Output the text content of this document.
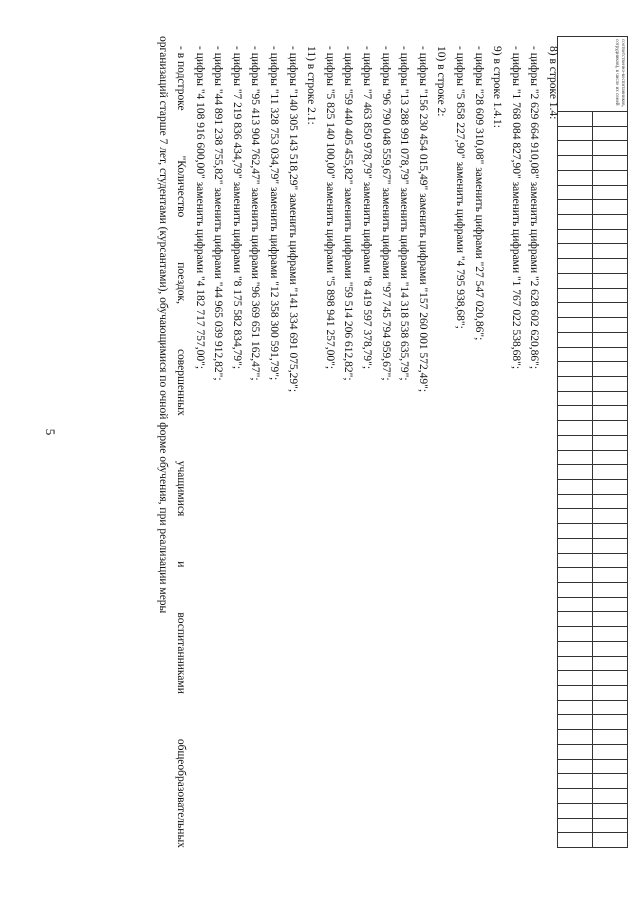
5
соответственно-воспитанников, сотрудников), в числе их семей																																																		

8) в строке 1.4:
- цифры "2 629 664 910,08" заменить цифрами "2 628 602 620,86";
- цифры "1 768 084 827,90" заменить цифрами "1 767 022 538,68";
9) в строке 1.4.1:
- цифры "28 609 310,08" заменить цифрами "27 547 020,86";
- цифры "5 858 227,90" заменить цифрами "4 795 938,68";
10) в строке 2:
- цифры "156 230 454 015,49" заменить цифрами "157 260 001 572,49";
- цифры "13 288 991 078,79" заменить цифрами "14 318 538 635,79";
- цифры "96 790 048 559,67" заменить цифрами "97 745 794 959,67";
- цифры "7 463 850 978,79" заменить цифрами "8 419 597 378,79";
- цифры "59 440 405 455,82" заменить цифрами "59 514 206 612,82";
- цифры "5 825 140 100,00" заменить цифрами "5 898 941 257,00";
11) в строке 2.1:
- цифры "140 305 143 518,29" заменить цифрами "141 334 691 075,29";
- цифры "11 328 753 034,79" заменить цифрами "12 358 300 591,79";
- цифры "95 413 904 762,47" заменить цифрами "96 369 651 162,47";
- цифры "7 219 836 434,79" заменить цифрами "8 175 582 834,79";
- цифры "44 891 238 755,82" заменить цифрами "44 965 039 912,82";
- цифры "4 108 916 600,00" заменить цифрами "4 182 717 757,00";
- в подстроке
"Количество
поездок,
совершенных
учащимися
и
воспитанниками
общеобразовательных
организаций старше 7 лет, студентами (курсантами), обучающимися по очной форме обучения, при реализации меры
